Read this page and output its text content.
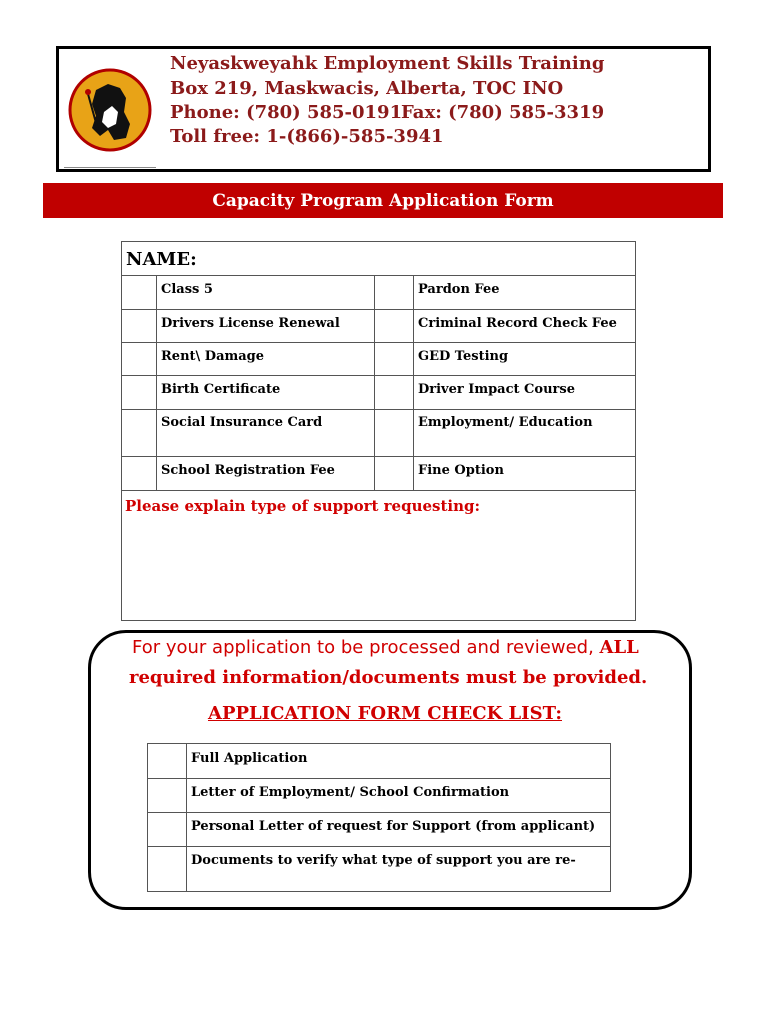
Neyaskweyahk Employment Skills Training
Box 219, Maskwacis, Alberta, TOC INO
Phone: (780) 585-0191
Fax: (780) 585-3319
Toll free: 1-(866)-585-3941
Capacity Program Application Form
NAME:
Class 5
Drivers License Renewal
Rent\ Damage
Birth Certificate
Social Insurance Card
School Registration Fee
Pardon Fee
Criminal Record Check Fee
GED Testing
Driver Impact Course
Employment/ Education
Fine Option
Please explain type of support requesting:
For your application to be processed and reviewed, ALL
required information/documents must be provided.
APPLICATION FORM CHECK LIST:
Full Application
Letter of Employment/ School Confirmation
Personal Letter of request for Support (from applicant)
Documents to verify what type of support you are re-
